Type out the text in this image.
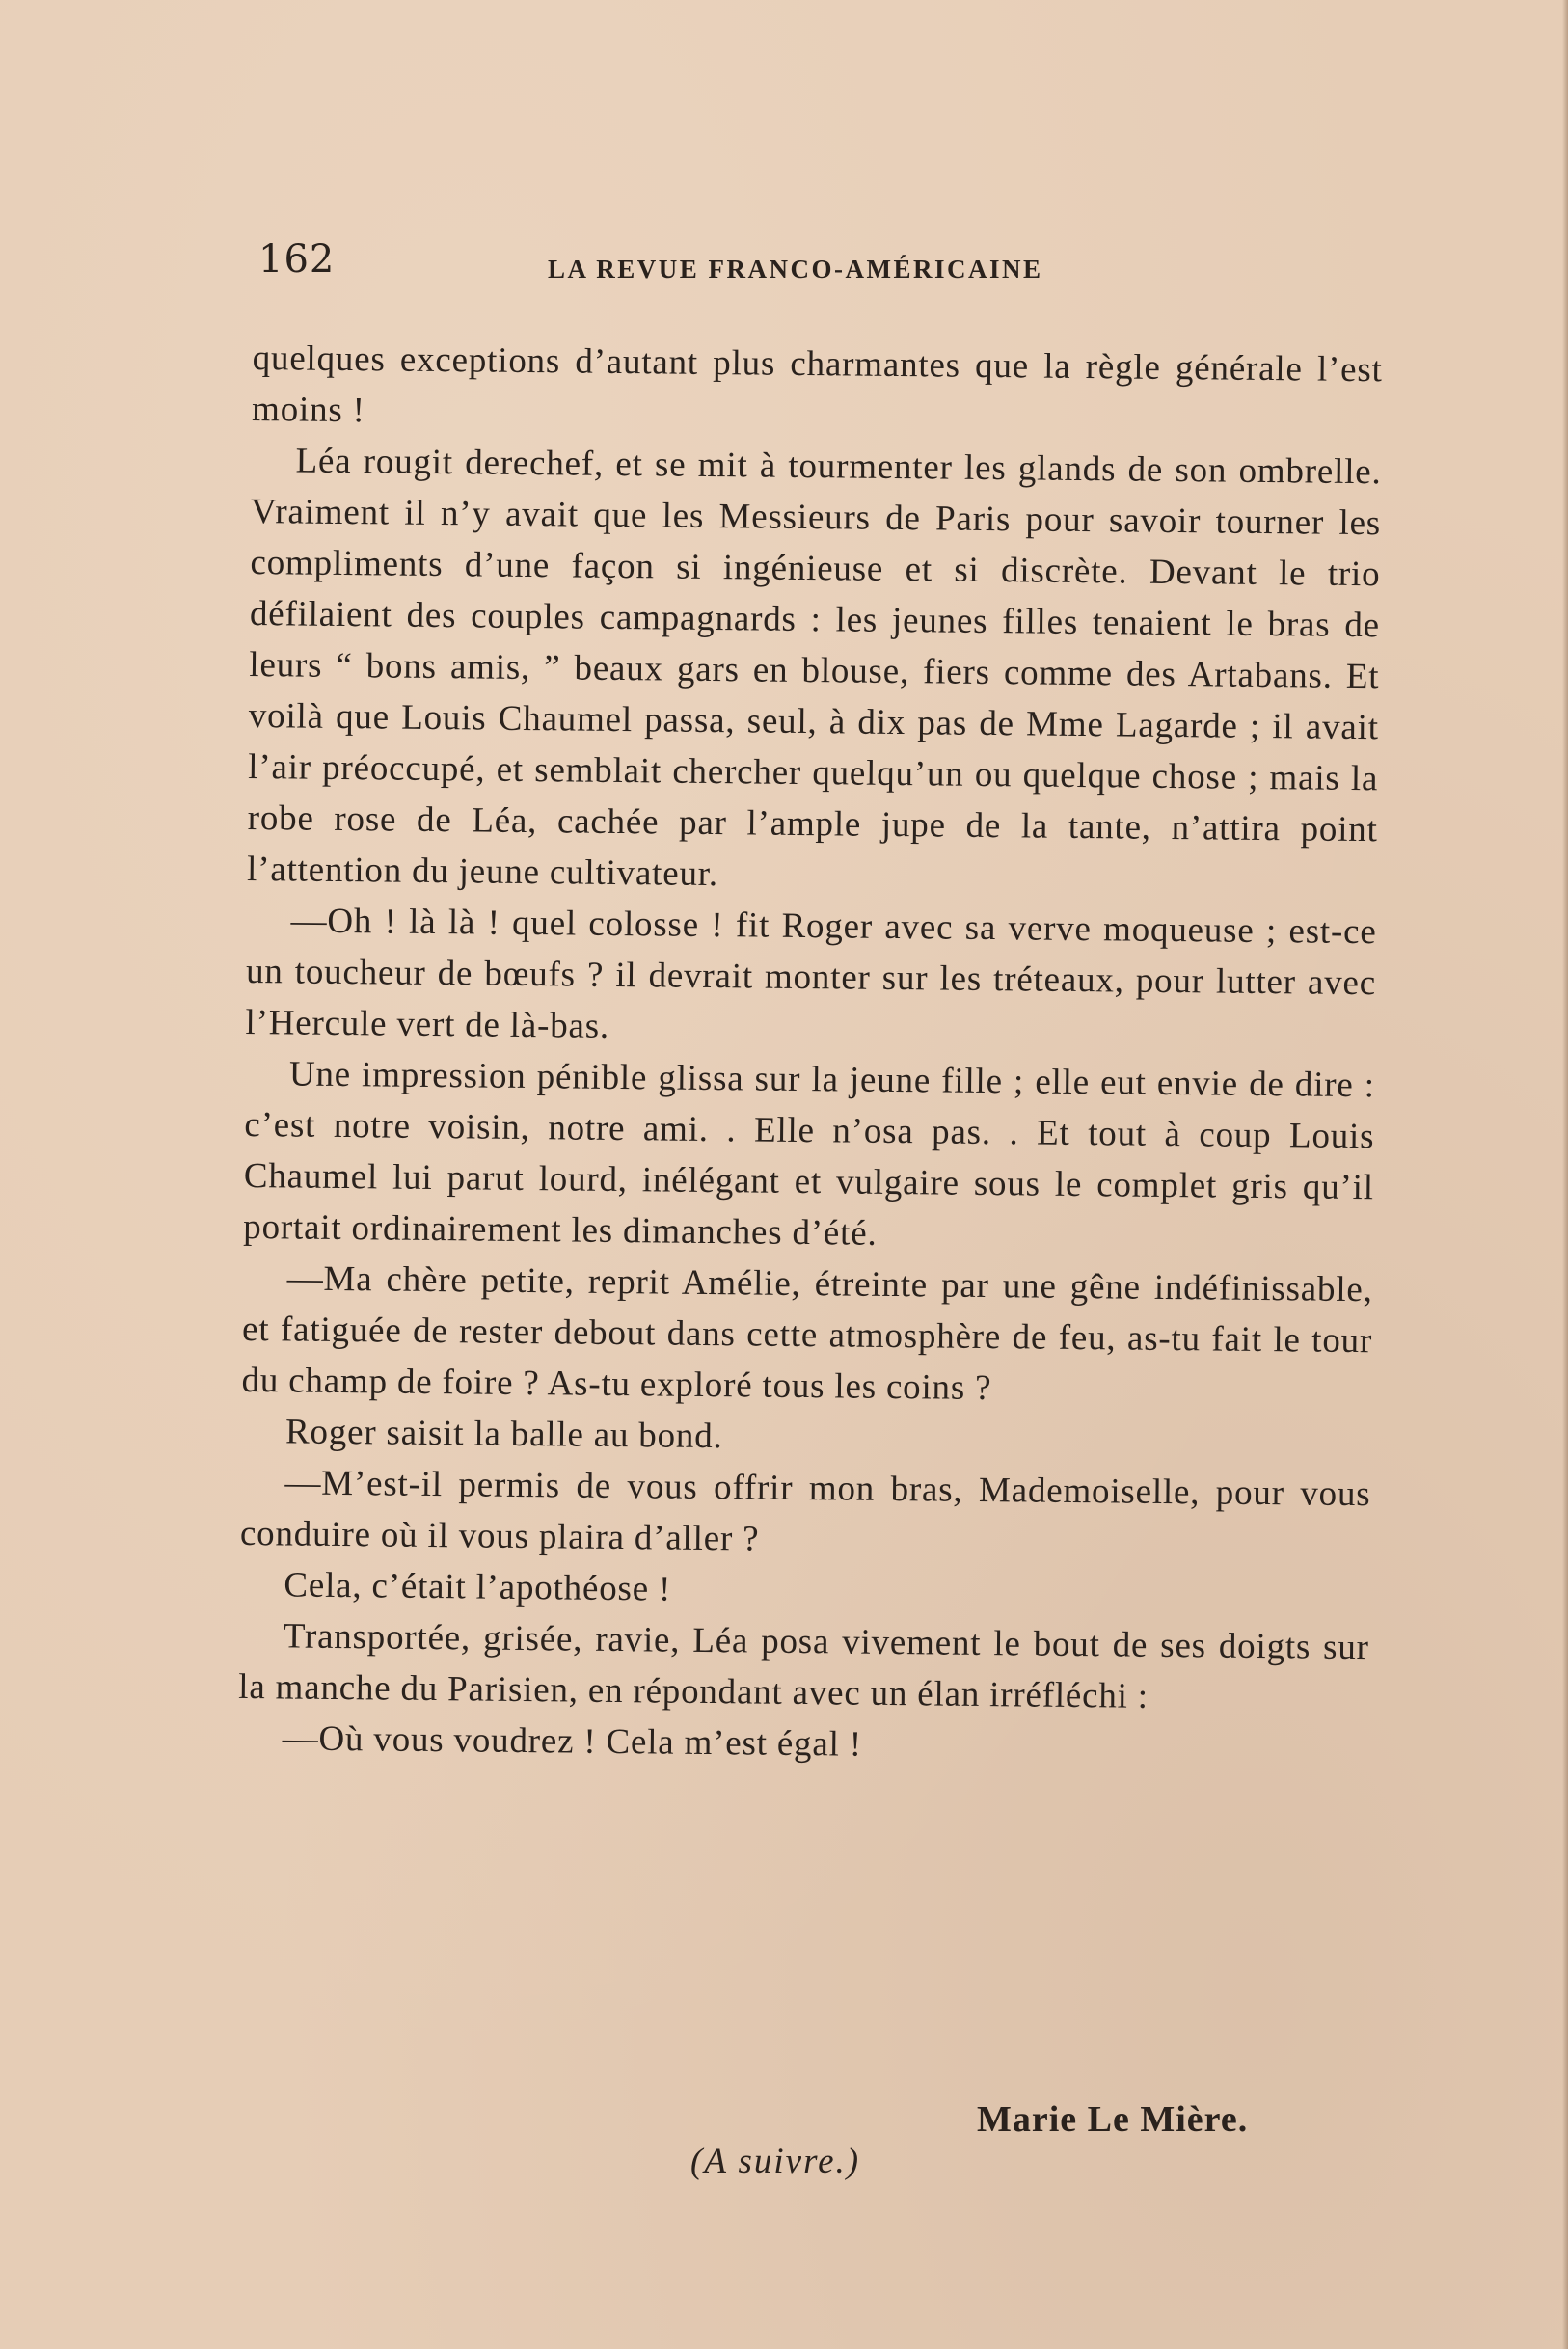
162	LA REVUE FRANCO-AMÉRICAINE

quelques exceptions d’autant plus charmantes que la règle générale l’est moins !

Léa rougit derechef, et se mit à tourmenter les glands de son ombrelle. Vraiment il n’y avait que les Messieurs de Paris pour savoir tourner les compliments d’une façon si ingénieuse et si discrète. Devant le trio défilaient des couples campagnards : les jeunes filles tenaient le bras de leurs “ bons amis, ” beaux gars en blouse, fiers comme des Artabans. Et voilà que Louis Chaumel passa, seul, à dix pas de Mme Lagarde ; il avait l’air préoccupé, et semblait chercher quelqu’un ou quelque chose ; mais la robe rose de Léa, cachée par l’ample jupe de la tante, n’attira point l’attention du jeune cultivateur.

—Oh ! là là ! quel colosse ! fit Roger avec sa verve moqueuse ; est-ce un toucheur de bœufs ? il devrait monter sur les tréteaux, pour lutter avec l’Hercule vert de là-bas.

Une impression pénible glissa sur la jeune fille ; elle eut envie de dire : c’est notre voisin, notre ami. . Elle n’osa pas. . Et tout à coup Louis Chaumel lui parut lourd, inélégant et vulgaire sous le complet gris qu’il portait ordinairement les dimanches d’été.

—Ma chère petite, reprit Amélie, étreinte par une gêne indéfinissable, et fatiguée de rester debout dans cette atmosphère de feu, as-tu fait le tour du champ de foire ? As-tu exploré tous les coins ?

Roger saisit la balle au bond.

—M’est-il permis de vous offrir mon bras, Mademoiselle, pour vous conduire où il vous plaira d’aller ?

Cela, c’était l’apothéose !

Transportée, grisée, ravie, Léa posa vivement le bout de ses doigts sur la manche du Parisien, en répondant avec un élan irréfléchi :

—Où vous voudrez ! Cela m’est égal !

Marie Le Mière.
(A suivre.)
